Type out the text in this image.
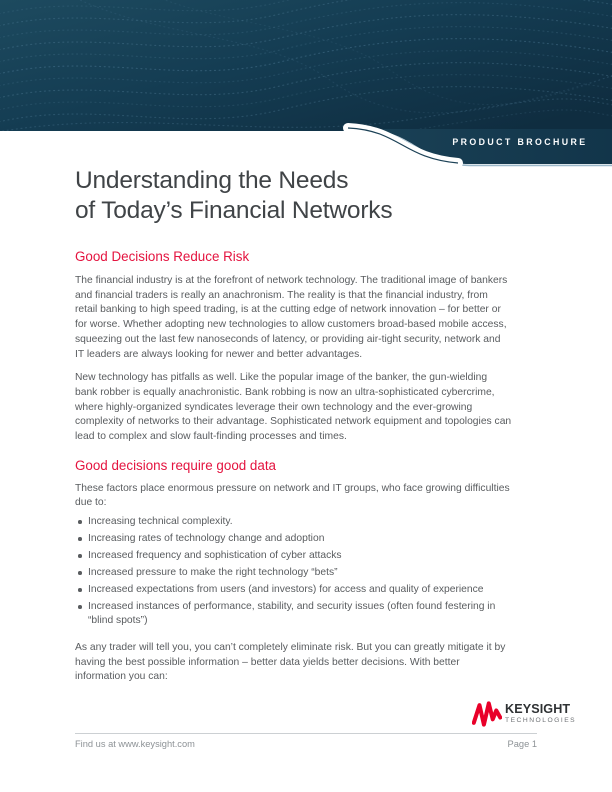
PRODUCT BROCHURE
Understanding the Needs
of Today’s Financial Networks
Good Decisions Reduce Risk

The financial industry is at the forefront of network technology. The traditional image of bankers and financial traders is really an anachronism. The reality is that the financial industry, from retail banking to high speed trading, is at the cutting edge of network innovation – for better or for worse. Whether adopting new technologies to allow customers broad-based mobile access, squeezing out the last few nanoseconds of latency, or providing air-tight security, network and IT leaders are always looking for newer and better advantages.

New technology has pitfalls as well. Like the popular image of the banker, the gun-wielding bank robber is equally anachronistic. Bank robbing is now an ultra-sophisticated cybercrime, where highly-organized syndicates leverage their own technology and the ever-growing complexity of networks to their advantage. Sophisticated network equipment and topologies can lead to complex and slow fault-finding processes and times.

Good decisions require good data

These factors place enormous pressure on network and IT groups, who face growing difficulties due to:

Increasing technical complexity.
Increasing rates of technology change and adoption
Increased frequency and sophistication of cyber attacks
Increased pressure to make the right technology “bets”
Increased expectations from users (and investors) for access and quality of experience
Increased instances of performance, stability, and security issues (often found festering in “blind spots”)

As any trader will tell you, you can’t completely eliminate risk. But you can greatly mitigate it by having the best possible information – better data yields better decisions. With better information you can:

KEYSIGHT
TECHNOLOGIES
Find us at www.keysight.com	Page 1
